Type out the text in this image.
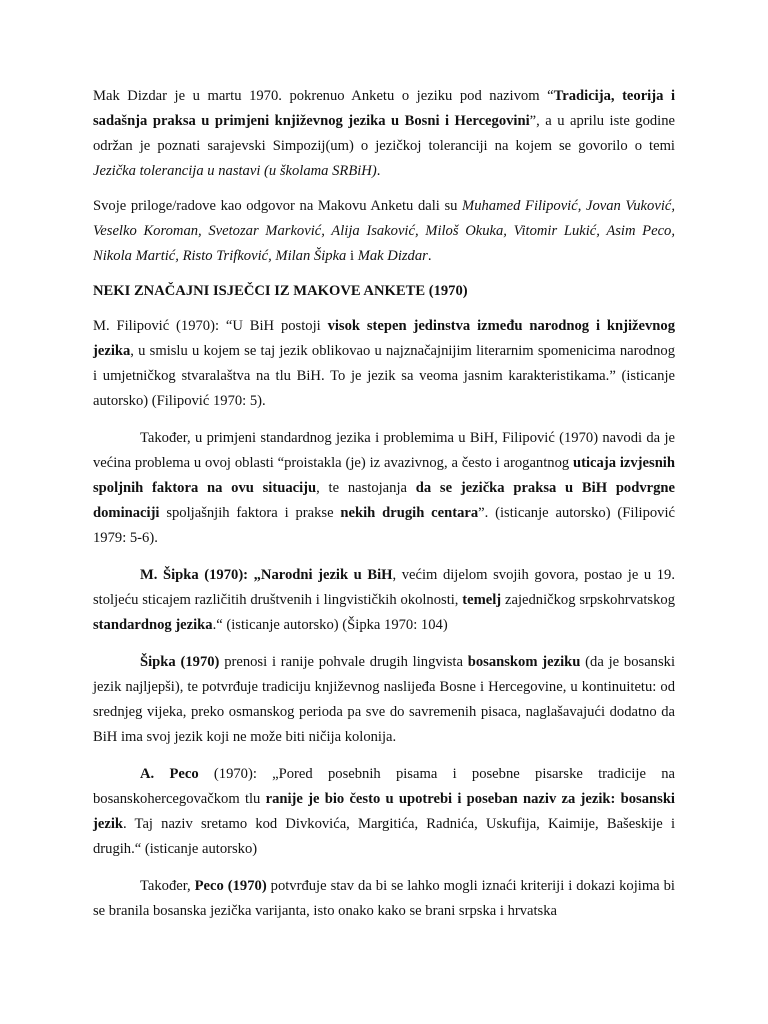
Mak Dizdar je u martu 1970. pokrenuo Anketu o jeziku pod nazivom “Tradicija, teorija i sadašnja praksa u primjeni književnog jezika u Bosni i Hercegovini”, a u aprilu iste godine održan je poznati sarajevski Simpozij(um) o jezičkoj toleranciji na kojem se govorilo o temi Jezička tolerancija u nastavi (u školama SRBiH).

Svoje priloge/radove kao odgovor na Makovu Anketu dali su Muhamed Filipović, Jovan Vuković, Veselko Koroman, Svetozar Marković, Alija Isaković, Miloš Okuka, Vitomir Lukić, Asim Peco, Nikola Martić, Risto Trifković, Milan Šipka i Mak Dizdar.

NEKI ZNAČAJNI ISJEČCI IZ MAKOVE ANKETE (1970)

M. Filipović (1970): “U BiH postoji visok stepen jedinstva između narodnog i književnog jezika, u smislu u kojem se taj jezik oblikovao u najznačajnijim literarnim spomenicima narodnog i umjetničkog stvaralaštva na tlu BiH. To je jezik sa veoma jasnim karakteristikama.” (isticanje autorsko) (Filipović 1970: 5).

Također, u primjeni standardnog jezika i problemima u BiH, Filipović (1970) navodi da je većina problema u ovoj oblasti “proistakla (je) iz avazivnog, a često i arogantnog uticaja izvjesnih spoljnih faktora na ovu situaciju, te nastojanja da se jezička praksa u BiH podvrgne dominaciji spoljašnjih faktora i prakse nekih drugih centara”. (isticanje autorsko) (Filipović 1979: 5-6).

M. Šipka (1970): „Narodni jezik u BiH, većim dijelom svojih govora, postao je u 19. stoljeću sticajem različitih društvenih i lingvističkih okolnosti, temelj zajedničkog srpskohrvatskog standardnog jezika.“ (isticanje autorsko) (Šipka 1970: 104)

Šipka (1970) prenosi i ranije pohvale drugih lingvista bosanskom jeziku (da je bosanski jezik najljepši), te potvrđuje tradiciju književnog naslijeđa Bosne i Hercegovine, u kontinuitetu: od srednjeg vijeka, preko osmanskog perioda pa sve do savremenih pisaca, naglašavajući dodatno da BiH ima svoj jezik koji ne može biti ničija kolonija.

A. Peco (1970): „Pored posebnih pisama i posebne pisarske tradicije na bosanskohercegovačkom tlu ranije je bio često u upotrebi i poseban naziv za jezik: bosanski jezik. Taj naziv sretamo kod Divkovića, Margitića, Radnića, Uskufija, Kaimije, Bašeskije i drugih.“ (isticanje autorsko)

Također, Peco (1970) potvrđuje stav da bi se lahko mogli iznaći kriteriji i dokazi kojima bi se branila bosanska jezička varijanta, isto onako kako se brani srpska i hrvatska
